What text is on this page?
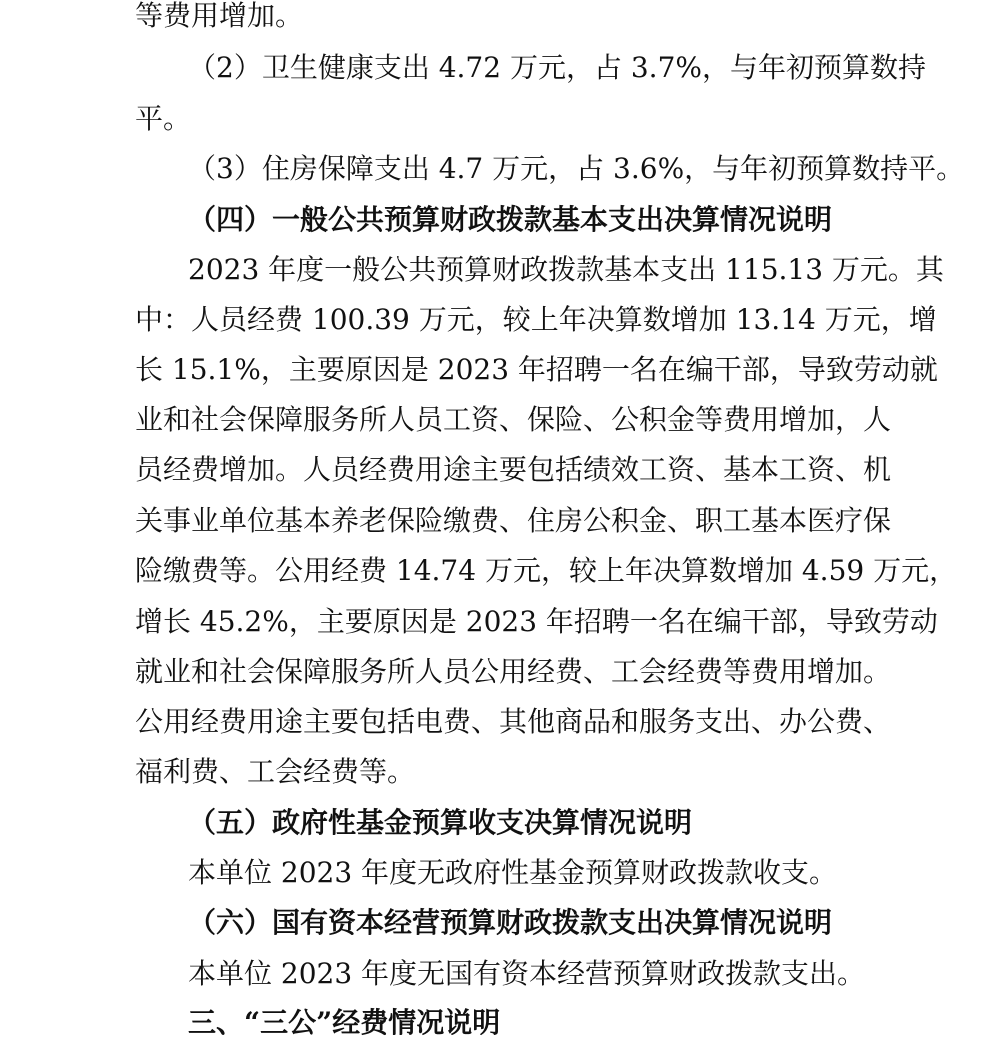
等费用增加。
（2）卫生健康支出 4.72 万元，占 3.7%，与年初预算数持
平。
（3）住房保障支出 4.7 万元，占 3.6%，与年初预算数持平。
（四）一般公共预算财政拨款基本支出决算情况说明
2023 年度一般公共预算财政拨款基本支出 115.13 万元。其
中：人员经费 100.39 万元，较上年决算数增加 13.14 万元，增
长 15.1%，主要原因是 2023 年招聘一名在编干部，导致劳动就
业和社会保障服务所人员工资、保险、公积金等费用增加，人
员经费增加。人员经费用途主要包括绩效工资、基本工资、机
关事业单位基本养老保险缴费、住房公积金、职工基本医疗保
险缴费等。公用经费 14.74 万元，较上年决算数增加 4.59 万元，
增长 45.2%，主要原因是 2023 年招聘一名在编干部，导致劳动
就业和社会保障服务所人员公用经费、工会经费等费用增加。
公用经费用途主要包括电费、其他商品和服务支出、办公费、
福利费、工会经费等。
（五）政府性基金预算收支决算情况说明
本单位 2023 年度无政府性基金预算财政拨款收支。
（六）国有资本经营预算财政拨款支出决算情况说明
本单位 2023 年度无国有资本经营预算财政拨款支出。
三、“三公”经费情况说明
